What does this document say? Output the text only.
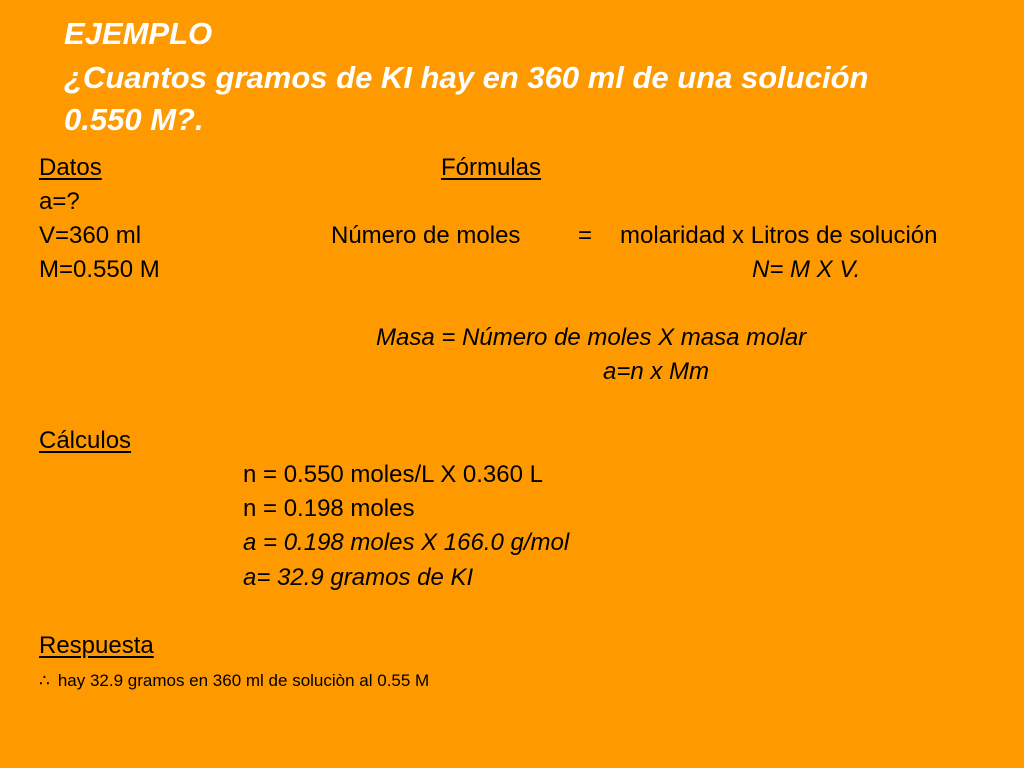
EJEMPLO
¿Cuantos gramos de KI hay en 360 ml de una solución
0.550 M?.
Datos
a=?
V=360 ml
M=0.550 M
Fórmulas
Número de moles = molaridad x Litros de solución
N= M X V.
Masa = Número de moles X masa molar
a=n x Mm
Cálculos
n = 0.550 moles/L X 0.360 L
n = 0.198 moles
a = 0.198 moles X 166.0 g/mol
a= 32.9 gramos de KI
Respuesta
∴ hay 32.9 gramos en 360 ml de soluciòn al 0.55 M
